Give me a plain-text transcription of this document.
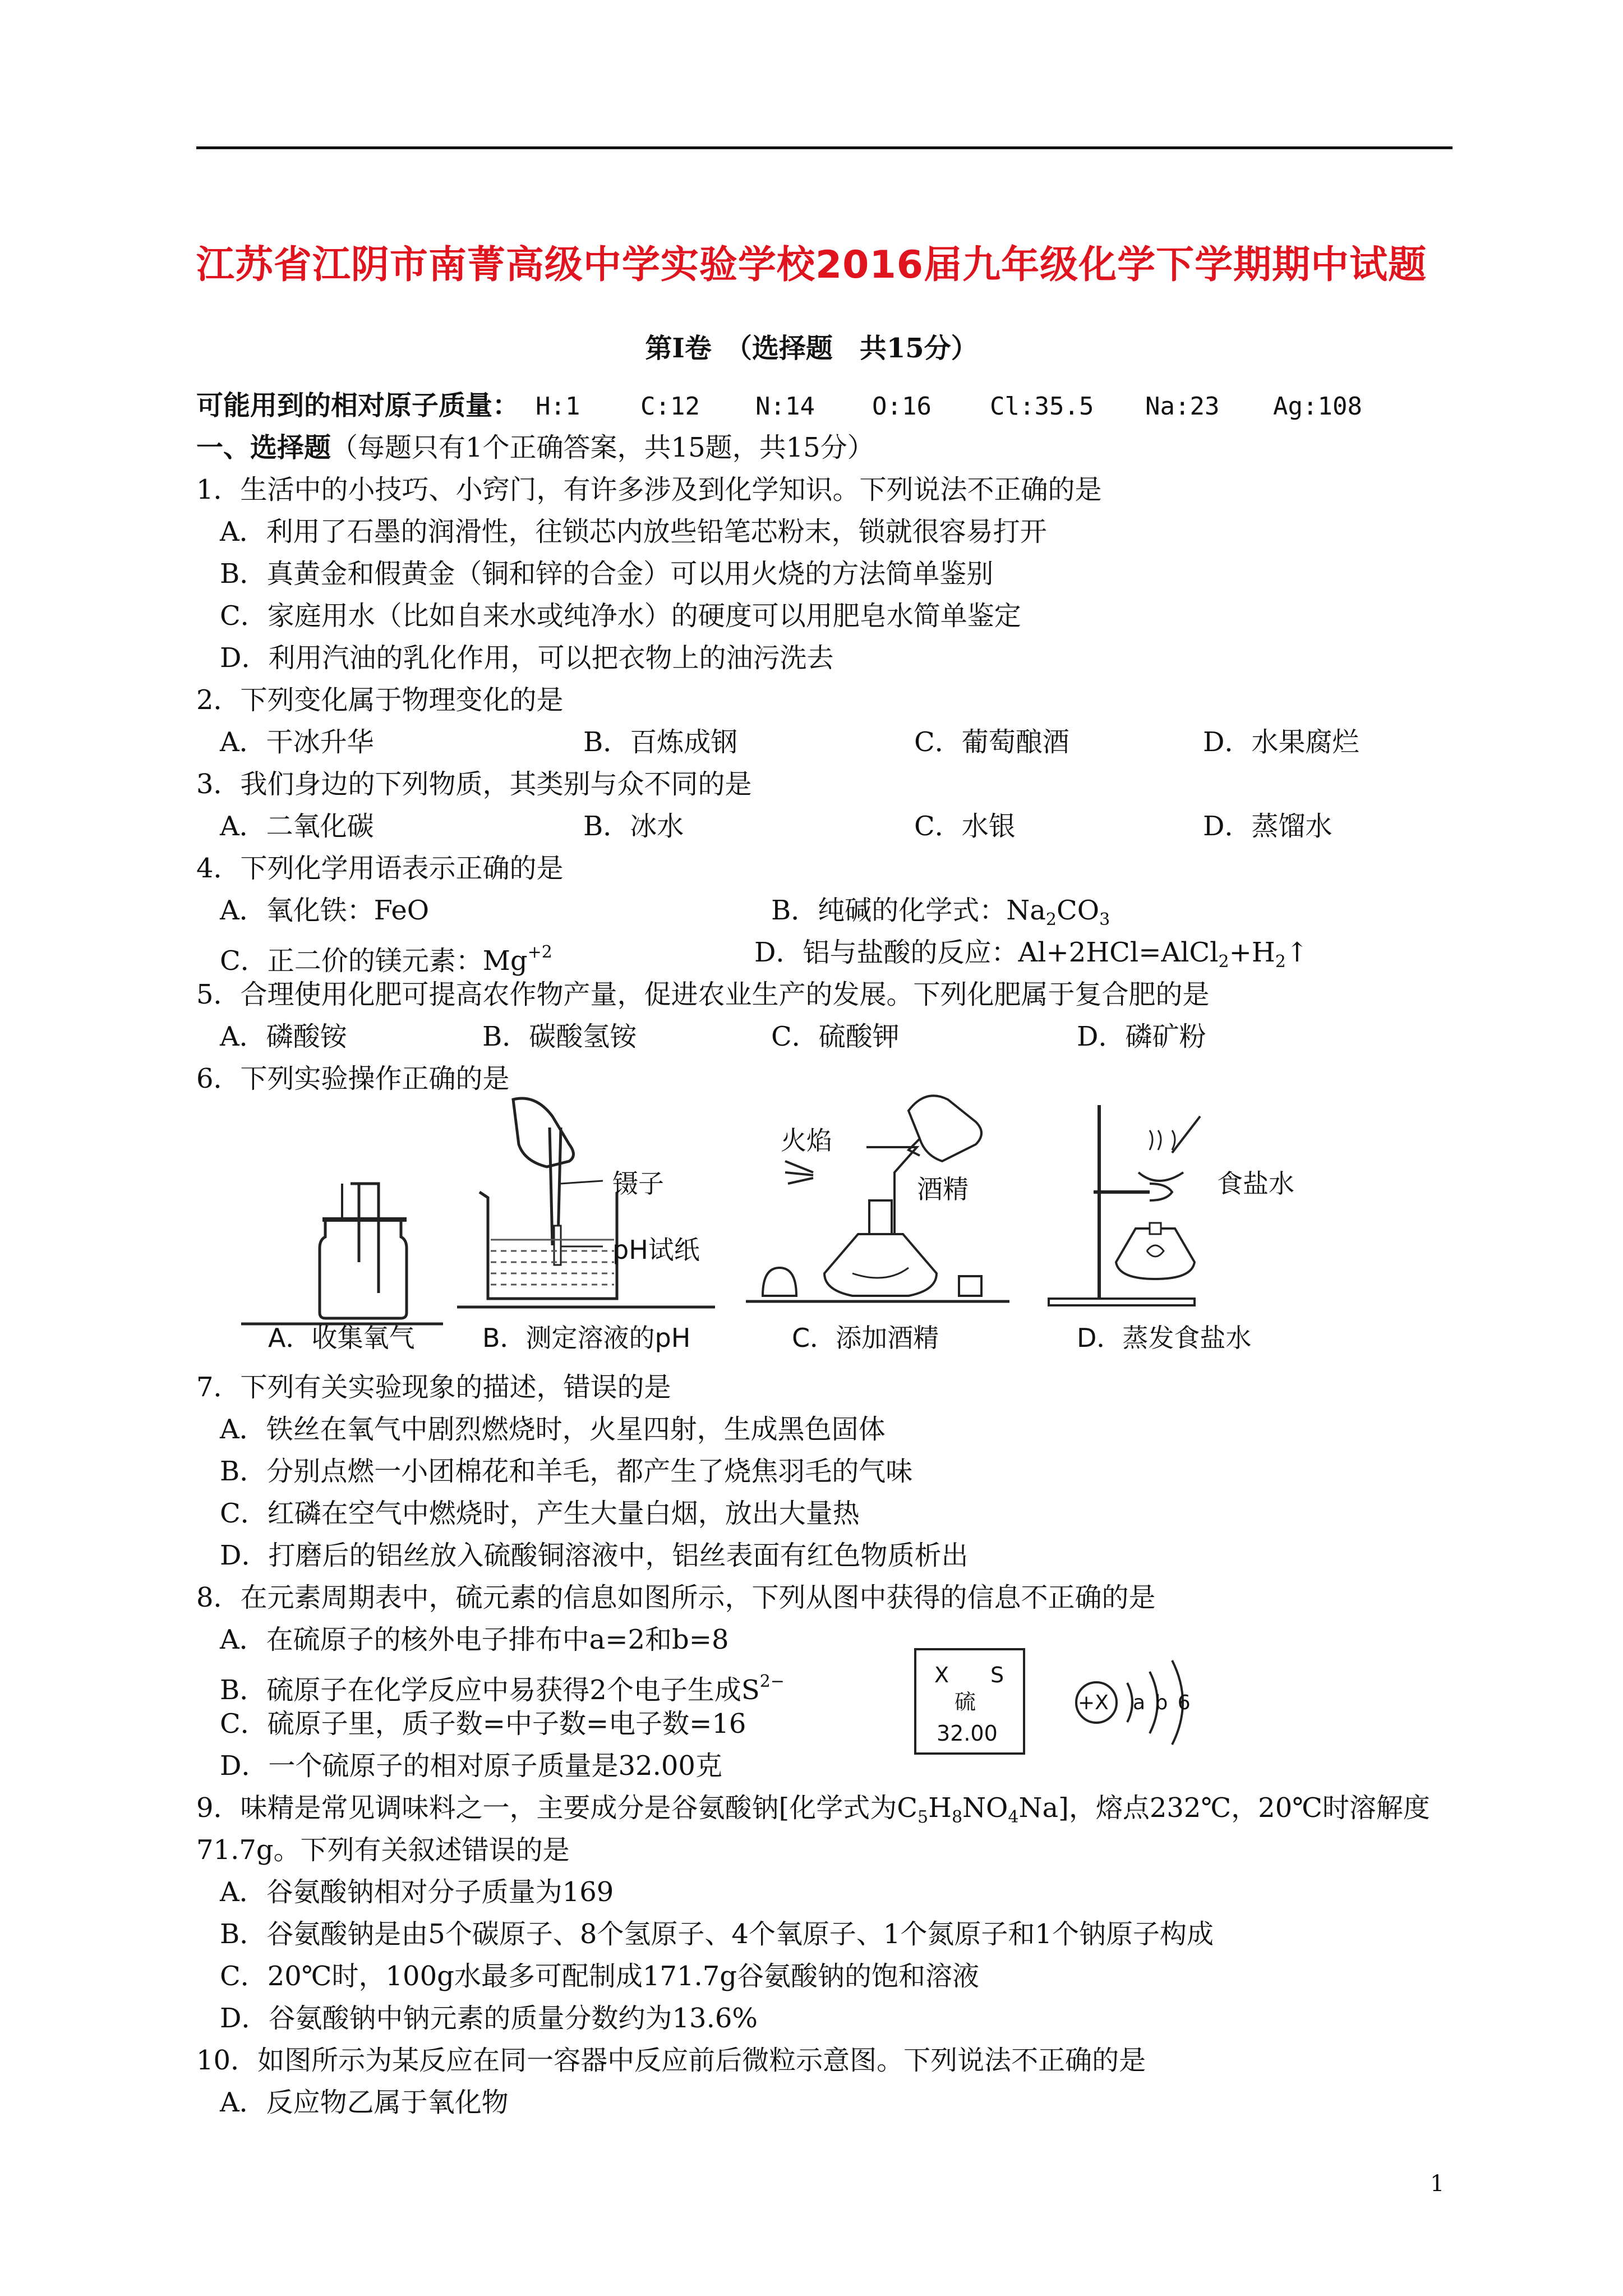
江苏省江阴市南菁高级中学实验学校2016届九年级化学下学期期中试题
第Ⅰ卷　（选择题　共15分）
可能用到的相对原子质量： H:1 C:12 N:14 O:16 Cl:35.5 Na:23 Ag:108
一、选择题（每题只有1个正确答案，共15题，共15分）
1．生活中的小技巧、小窍门，有许多涉及到化学知识。下列说法不正确的是
A．利用了石墨的润滑性，往锁芯内放些铅笔芯粉末，锁就很容易打开
B．真黄金和假黄金（铜和锌的合金）可以用火烧的方法简单鉴别
C．家庭用水（比如自来水或纯净水）的硬度可以用肥皂水简单鉴定
D．利用汽油的乳化作用，可以把衣物上的油污洗去
2．下列变化属于物理变化的是
A．干冰升华	B．百炼成钢	C．葡萄酿酒	D．水果腐烂
3．我们身边的下列物质，其类别与众不同的是
A．二氧化碳	B．冰水	C．水银	D．蒸馏水
4．下列化学用语表示正确的是
A．氧化铁：FeO	B．纯碱的化学式：$Na_2CO_3$
C．正二价的镁元素：$Mg^{+2}$	D．铝与盐酸的反应：$Al+2HCl=AlCl_2+H_2↑$
5．合理使用化肥可提高农作物产量，促进农业生产的发展。下列化肥属于复合肥的是
A．磷酸铵	B．碳酸氢铵	C．硫酸钾	D．磷矿粉
6．下列实验操作正确的是
A．收集氧气
镊子
pH试纸
B．测定溶液的pH
火焰
酒精
C．添加酒精
食盐水
D．蒸发食盐水
7．下列有关实验现象的描述，错误的是
A．铁丝在氧气中剧烈燃烧时，火星四射，生成黑色固体
B．分别点燃一小团棉花和羊毛，都产生了烧焦羽毛的气味
C．红磷在空气中燃烧时，产生大量白烟，放出大量热
D．打磨后的铝丝放入硫酸铜溶液中，铝丝表面有红色物质析出
8．在元素周期表中，硫元素的信息如图所示，下列从图中获得的信息不正确的是
A．在硫原子的核外电子排布中a=2和b=8
B．硫原子在化学反应中易获得2个电子生成$S^{2-}$
C．硫原子里，质子数=中子数=电子数=16
D．一个硫原子的相对原子质量是32.00克
X S
硫
32.00
+X a b 6
9．味精是常见调味料之一，主要成分是谷氨酸钠[化学式为$C_5H_8NO_4Na$]，熔点232℃，20℃时溶解度
71.7g。下列有关叙述错误的是
A．谷氨酸钠相对分子质量为169
B．谷氨酸钠是由5个碳原子、8个氢原子、4个氧原子、1个氮原子和1个钠原子构成
C．20℃时，100g水最多可配制成171.7g谷氨酸钠的饱和溶液
D．谷氨酸钠中钠元素的质量分数约为13.6%
10．如图所示为某反应在同一容器中反应前后微粒示意图。下列说法不正确的是
A．反应物乙属于氧化物
1
